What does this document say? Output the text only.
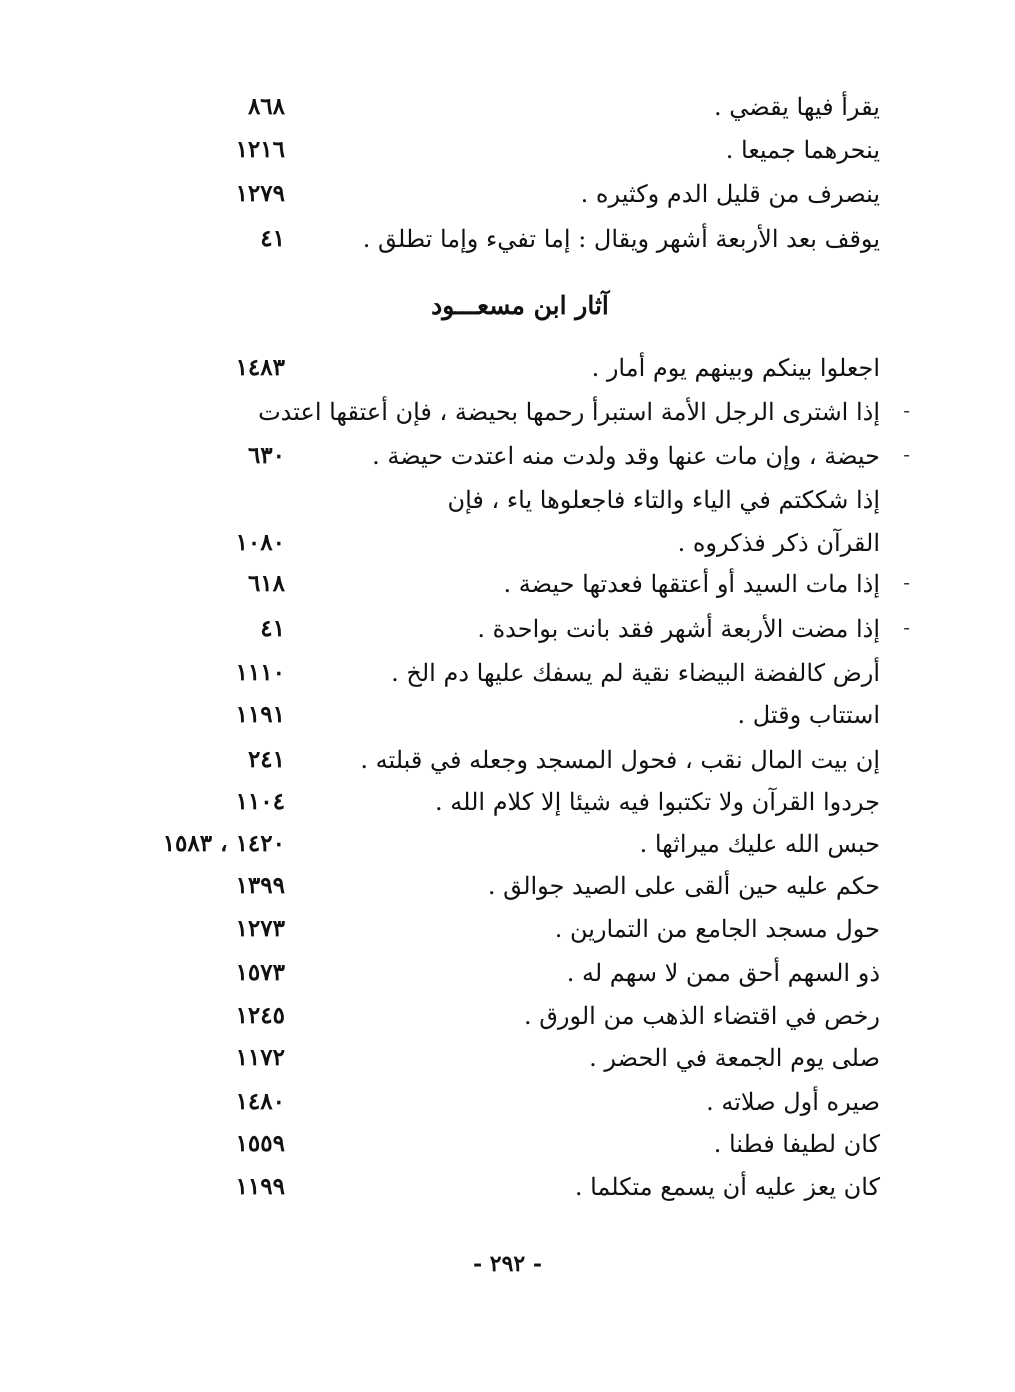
يقرأ فيها يقضي .
٨٦٨
ينحرهما جميعا .
١٢١٦
ينصرف من قليل الدم وكثيره .
١٢٧٩
يوقف بعد الأربعة أشهر ويقال : إما تفيء وإما تطلق .
٤١
آثار ابن مسعـــود
اجعلوا بينكم وبينهم يوم أمار .
١٤٨٣
-
إذا اشترى الرجل الأمة استبرأ رحمها بحيضة ، فإن أعتقها اعتدت
-
حيضة ، وإن مات عنها وقد ولدت منه اعتدت حيضة .
٦٣٠
إذا شككتم في الياء والتاء فاجعلوها ياء ، فإن
القرآن ذكر فذكروه .
١٠٨٠
-
إذا مات السيد أو أعتقها فعدتها حيضة .
٦١٨
-
إذا مضت الأربعة أشهر فقد بانت بواحدة .
٤١
أرض كالفضة البيضاء نقية لم يسفك عليها دم الخ .
١١١٠
استتاب وقتل .
١١٩١
إن بيت المال نقب ، فحول المسجد وجعله في قبلته .
٢٤١
جردوا القرآن ولا تكتبوا فيه شيئا إلا كلام الله .
١١٠٤
حبس الله عليك ميراثها .
١٤٢٠ ، ١٥٨٣
حكم عليه حين ألقى على الصيد جوالق .
١٣٩٩
حول مسجد الجامع من التمارين .
١٢٧٣
ذو السهم أحق ممن لا سهم له .
١٥٧٣
رخص في اقتضاء الذهب من الورق .
١٢٤٥
صلى يوم الجمعة في الحضر .
١١٧٢
صيره أول صلاته .
١٤٨٠
كان لطيفا فطنا .
١٥٥٩
كان يعز عليه أن يسمع متكلما .
١١٩٩
- ٢٩٢ -
